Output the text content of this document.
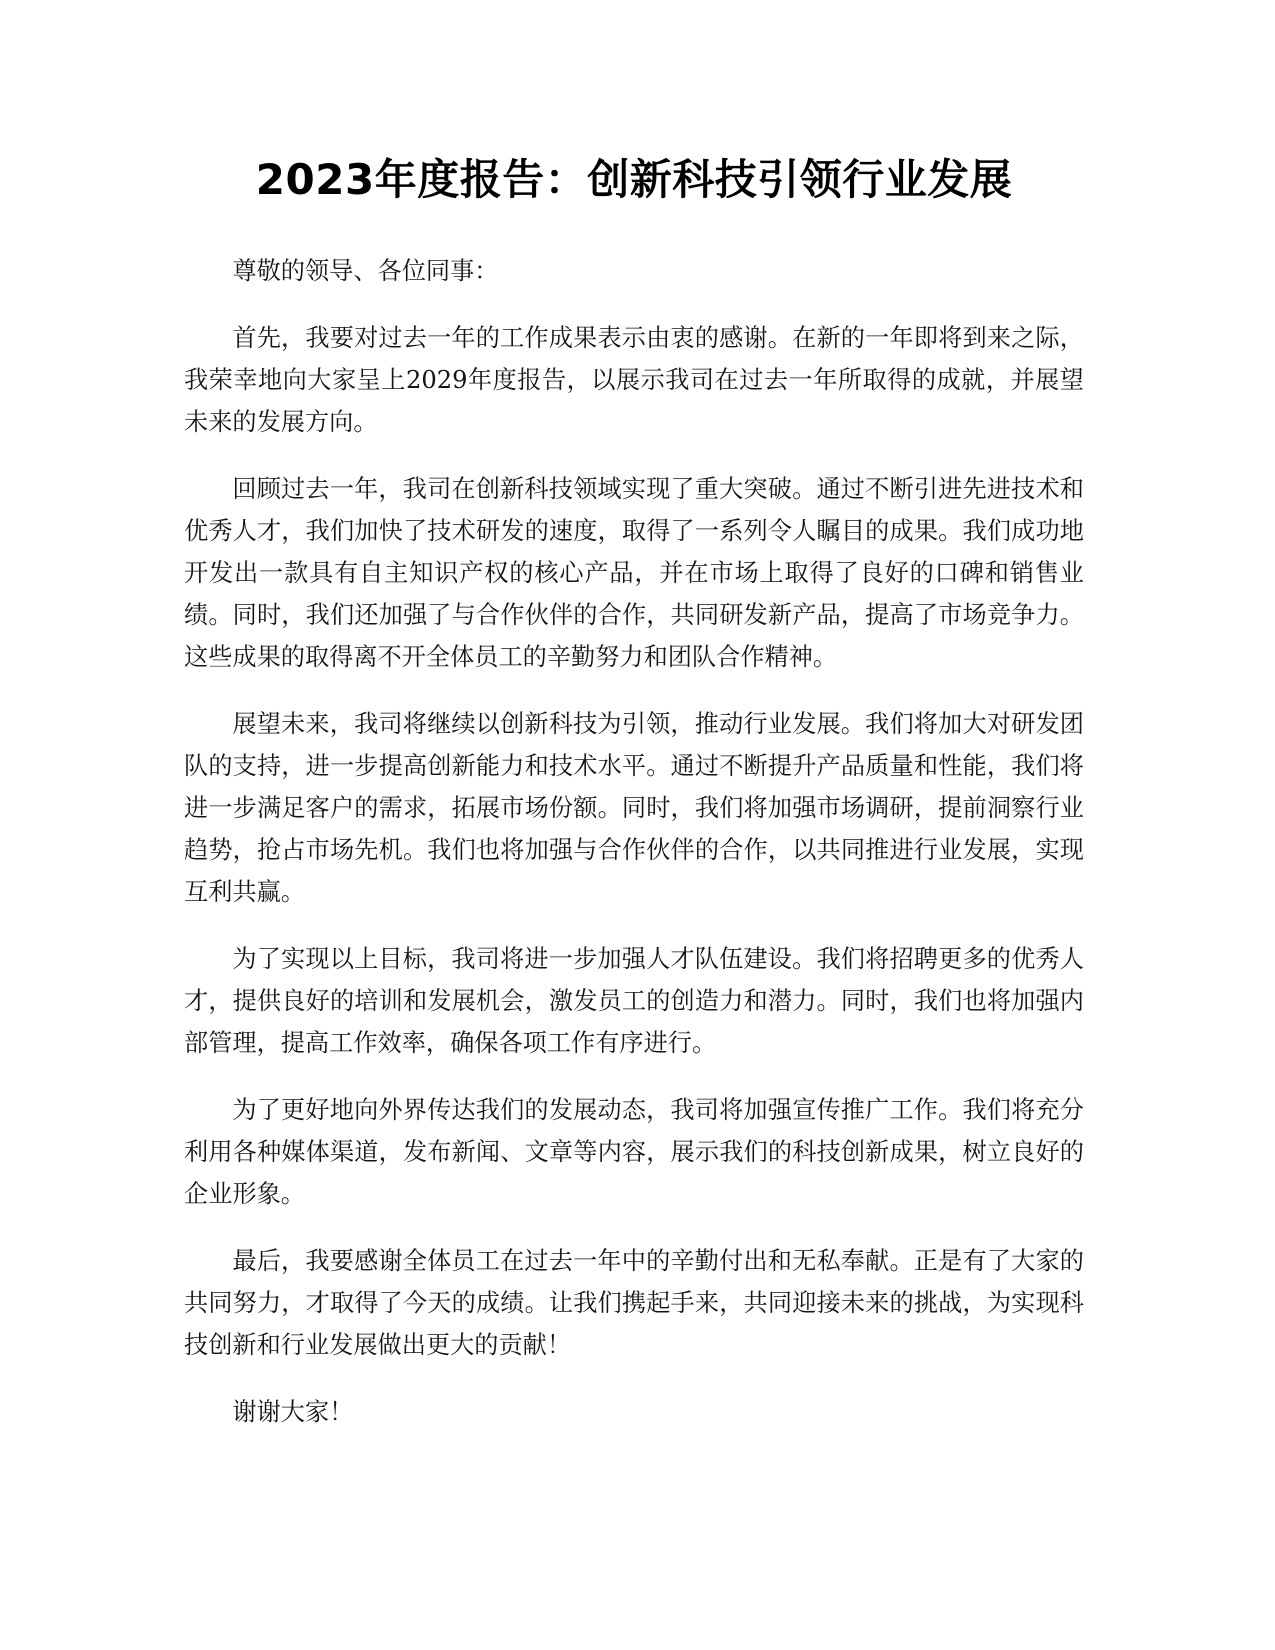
2023年度报告：创新科技引领行业发展

尊敬的领导、各位同事：

首先，我要对过去一年的工作成果表示由衷的感谢。在新的一年即将到来之际，我荣幸地向大家呈上2029年度报告，以展示我司在过去一年所取得的成就，并展望未来的发展方向。

回顾过去一年，我司在创新科技领域实现了重大突破。通过不断引进先进技术和优秀人才，我们加快了技术研发的速度，取得了一系列令人瞩目的成果。我们成功地开发出一款具有自主知识产权的核心产品，并在市场上取得了良好的口碑和销售业绩。同时，我们还加强了与合作伙伴的合作，共同研发新产品，提高了市场竞争力。这些成果的取得离不开全体员工的辛勤努力和团队合作精神。

展望未来，我司将继续以创新科技为引领，推动行业发展。我们将加大对研发团队的支持，进一步提高创新能力和技术水平。通过不断提升产品质量和性能，我们将进一步满足客户的需求，拓展市场份额。同时，我们将加强市场调研，提前洞察行业趋势，抢占市场先机。我们也将加强与合作伙伴的合作，以共同推进行业发展，实现互利共赢。

为了实现以上目标，我司将进一步加强人才队伍建设。我们将招聘更多的优秀人才，提供良好的培训和发展机会，激发员工的创造力和潜力。同时，我们也将加强内部管理，提高工作效率，确保各项工作有序进行。

为了更好地向外界传达我们的发展动态，我司将加强宣传推广工作。我们将充分利用各种媒体渠道，发布新闻、文章等内容，展示我们的科技创新成果，树立良好的企业形象。

最后，我要感谢全体员工在过去一年中的辛勤付出和无私奉献。正是有了大家的共同努力，才取得了今天的成绩。让我们携起手来，共同迎接未来的挑战，为实现科技创新和行业发展做出更大的贡献！

谢谢大家！
